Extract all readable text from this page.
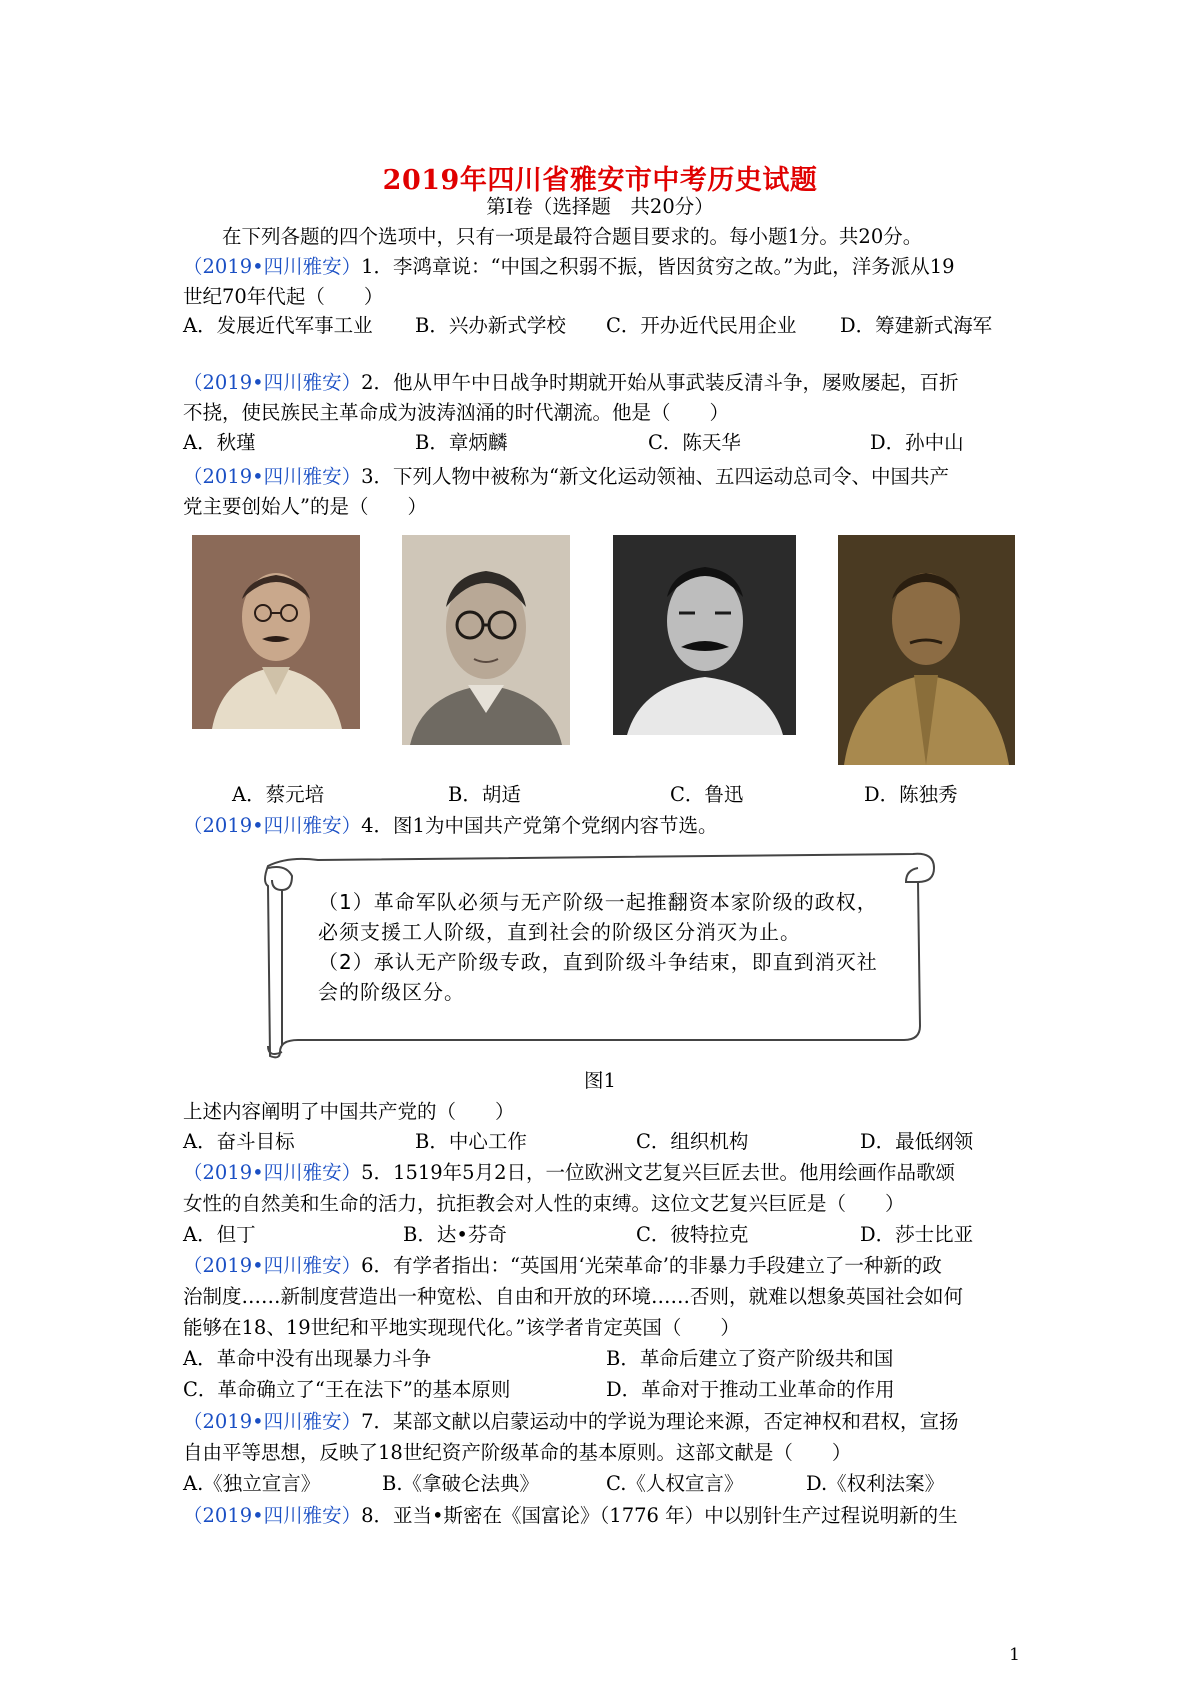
2019年四川省雅安市中考历史试题
第Ⅰ卷（选择题　共20分）
在下列各题的四个选项中，只有一项是最符合题目要求的。每小题1分。共20分。
（2019•四川雅安）1．李鸿章说：“中国之积弱不振，皆因贫穷之故。”为此，洋务派从19
世纪70年代起（　　）
A．发展近代军事工业 B．兴办新式学校 C．开办近代民用企业 D．筹建新式海军
（2019•四川雅安）2．他从甲午中日战争时期就开始从事武装反清斗争，屡败屡起，百折
不挠，使民族民主革命成为波涛汹涌的时代潮流。他是（　　）
A．秋瑾	B．章炳麟	C．陈天华	D．孙中山
（2019•四川雅安）3．下列人物中被称为“新文化运动领袖、五四运动总司令、中国共产
党主要创始人”的是（　　）
A．蔡元培	B．胡适	C．鲁迅	D．陈独秀
（2019•四川雅安）4．图1为中国共产党第个党纲内容节选。
（1）革命军队必须与无产阶级一起推翻资本家阶级的政权，
必须支援工人阶级，直到社会的阶级区分消灭为止。
（2）承认无产阶级专政，直到阶级斗争结束，即直到消灭社
会的阶级区分。
图1
上述内容阐明了中国共产党的（　　）
A．奋斗目标	B．中心工作	C．组织机构	D．最低纲领
（2019•四川雅安）5．1519年5月2日，一位欧洲文艺复兴巨匠去世。他用绘画作品歌颂
女性的自然美和生命的活力，抗拒教会对人性的束缚。这位文艺复兴巨匠是（　　）
A．但丁	B．达•芬奇	C．彼特拉克	D．莎士比亚
（2019•四川雅安）6．有学者指出：“英国用‘光荣革命’的非暴力手段建立了一种新的政
治制度……新制度营造出一种宽松、自由和开放的环境……否则，就难以想象英国社会如何
能够在18、19世纪和平地实现现代化。”该学者肯定英国（　　）
A．革命中没有出现暴力斗争	B．革命后建立了资产阶级共和国
C．革命确立了“王在法下”的基本原则	D．革命对于推动工业革命的作用
（2019•四川雅安）7．某部文献以启蒙运动中的学说为理论来源，否定神权和君权，宣扬
自由平等思想，反映了18世纪资产阶级革命的基本原则。这部文献是（　　）
A.《独立宣言》	B.《拿破仑法典》	C.《人权宣言》	D.《权利法案》
（2019•四川雅安）8．亚当•斯密在《国富论》（1776 年）中以别针生产过程说明新的生
1
